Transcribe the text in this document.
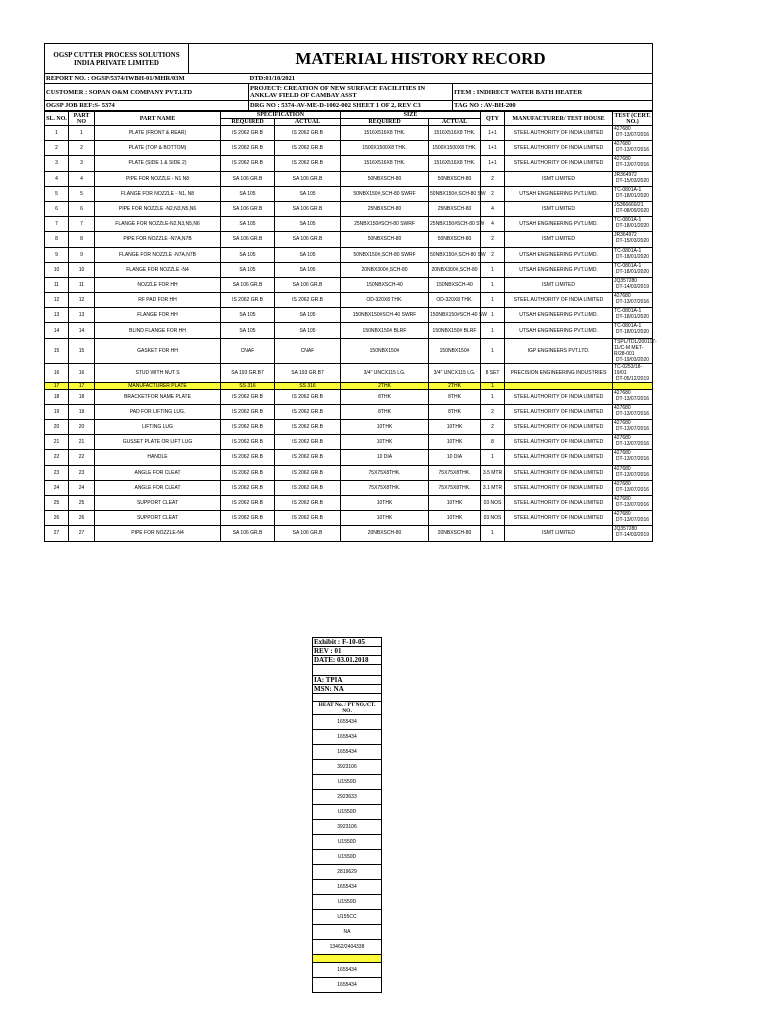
OGSP CUTTER PROCESS SOLUTIONS
INDIA PRIVATE LIMITED	MATERIAL HISTORY RECORD		
REPORT NO. : OGSP/5374/IWBH-01/MHR/03M		DTD:01/10/2021	
CUSTOMER : SOPAN O&M COMPANY PVT.LTD		PROJECT: CREATION OF NEW SURFACE FACILITIES IN ANKLAV FIELD OF CAMBAY ASST	ITEM : INDIRECT WATER BATH HEATER
OGSP JOB REF:S- 5374		DRG NO : 5374-AV-ME-D-1002-002 SHEET 1 OF 2, REV C3	TAG NO : AV-BH-200
SL. NO.	PART NO	PART NAME	SPECIFICATION		SIZE		QTY	MANUFACTURER/ TEST HOUSE	TEST (CERT. NO.)
			REQUIRED	ACTUAL	REQUIRED	ACTUAL			
1	1	PLATE (FRONT & REAR)	IS 2062 GR.B	IS 2062 GR.B	1516X516X8 THK.	1516X516X8 THK.	1+1	STEEL AUTHORITY OF INDIA LIMITED	427680
DT-13/07/2016

2	2	PLATE (TOP & BOTTOM)	IS 2062 GR.B	IS 2062 GR.B	1500X1500X8 THK.	1500X1500X8 THK.	1+1	STEEL AUTHORITY OF INDIA LIMITED	427680
DT-13/07/2016

3	3	PLATE (SIDE 1 & SIDE 2)	IS 2062 GR.B	IS 2062 GR.B	1516X516X8 THK.	1516X516X8 THK.	1+1	STEEL AUTHORITY OF INDIA LIMITED	427680
DT-13/07/2016

4	4	PIPE FOR NOZZLE - N1 N8	SA 106 GR.B	SA 106 GR.B	50NBXSCH-80	50NBXSCH-80	2	ISMT LIMITED	JR364972
DT-15/03/2020

5	5	FLANGE FOR NOZZLE - N1, N8	SA 105	SA 105	50NBX150#,SCH-80 SWRF	50NBX150#,SCH-80 SW	2	UTSAH ENGINEERING PVT.LIMD.	TC-0801A-1
DT-18/01/2020

6	6	PIPE FOR NOZZLE -N2,N3,N5,N6	SA 106 GR.B	SA 106 GR.B	25NBXSCH-80	25NBXSCH-80	4	ISMT LIMITED	JS366660/21
DT-08/09/2020

7	7	FLANGE FOR NOZZLE-N2,N3,N5,N6	SA 105	SA 105	25NBX150#SCH-80 SWRF	25NBX150#SCH-80 SW	4	UTSAH ENGINEERING PVT.LIMD.	TC-0801A-1
DT-18/01/2020

8	8	PIPE FOR NOZZLE -N7A,N7B	SA 106 GR.B	SA 106 GR.B	50NBXSCH-80	50NBXSCH-80	2	ISMT LIMITED	JR364972
DT-15/03/2020

9	9	FLANGE FOR NOZZLE -N7A,N7B	SA 105	SA 105	50NBX150#,SCH-80 SWRF	50NBX150#,SCH-80 SW	2	UTSAH ENGINEERING PVT.LIMD.	TC-0801A-1
DT-18/01/2020

10	10	FLANGE FOR NOZZLE -N4	SA 105	SA 105	20NBX300#,SCH-80	20NBX300#,SCH-80	1	UTSAH ENGINEERING PVT.LIMD.	TC-0801A-1
DT-18/01/2020

11	11	NOZZLE FOR HH	SA 106 GR.B	SA 106 GR.B	150NBXSCH-40	150NBXSCH-40	1	ISMT LIMITED	JQ357280
DT-14/03/2019

12	12	RF PAD FOR HH	IS 2062 GR.B	IS 2062 GR.B	OD-320X8 THK.	OD-320X8 THK.	1	STEEL AUTHORITY OF INDIA LIMITED	427680
DT-13/07/2016

13	13	FLANGE FOR HH	SA 105	SA 105	150NBX150#SCH-40 SWRF	150NBX150#SCH-40 SW	1	UTSAH ENGINEERING PVT.LIMD.	TC-0801A-1
DT-18/01/2020

14	14	BLIND FLANGE FOR HH	SA 105	SA 105	150NBX150# BLRF	150NBX150# BLRF	1	UTSAH ENGINEERING PVT.LIMD.	TC-0801A-1
DT-18/01/2020

15	15	GASKET FOR HH	CNAF	CNAF	150NBX150#	150NBX150#	1	IGP ENGINEERS PVT.LTD.	TSPL/TDL/200117-11/C-M MET-R/28-001
DT-19/03/2020

16	16	STUD WITH NUT S	SA 193 GR.B7	SA 193 GR.B7	3/4" UNCX115 LG.	3/4" UNCX115 LG.	8 SET	PRECISION ENGINEERING INDUSTRIES	TC-0253/18-19/01
DT-05/12/2019

17	17	MANUFACTURER PLATE	SS 316	SS 316	2THK	2THK	1		

18	18	BRACKETFOR NAME PLATE	IS 2062 GR.B	IS 2062 GR.B	8THK	8THK	1	STEEL AUTHORITY OF INDIA LIMITED	427680
DT-13/07/2016

19	19	PAD FOR LIFTING LUG.	IS 2062 GR.B	IS 2062 GR.B	8THK	8THK	2	STEEL AUTHORITY OF INDIA LIMITED	427680
DT-13/07/2016

20	20	LIFTING LUG	IS 2062 GR.B	IS 2062 GR.B	10THK	10THK	2	STEEL AUTHORITY OF INDIA LIMITED	427680
DT-13/07/2016

21	21	GUSSET PLATE OR LIFT LUG	IS 2062 GR.B	IS 2062 GR.B	10THK	10THK	8	STEEL AUTHORITY OF INDIA LIMITED	427680
DT-13/07/2016

22	22	HANDLE	IS 2062 GR.B	IS 2062 GR.B	10 DIA	10 DIA	1	STEEL AUTHORITY OF INDIA LIMITED	427680
DT-13/07/2016

23	23	ANGLE FOR CLEAT	IS 2062 GR.B	IS 2062 GR.B	75X75X8THK.	75X75X8THK.	3.5 MTR	STEEL AUTHORITY OF INDIA LIMITED	427680
DT-13/07/2016

24	24	ANGLE FOR CLEAT	IS 2062 GR.B	IS 2062 GR.B	75X75X8THK.	75X75X8THK.	3.1 MTR	STEEL AUTHORITY OF INDIA LIMITED	427680
DT-13/07/2016

25	25	SUPPORT CLEAT	IS 2062 GR.B	IS 2062 GR.B	10THK	10THK	03 NOS	STEEL AUTHORITY OF INDIA LIMITED	427680
DT-13/07/2016

26	26	SUPPORT CLEAT	IS 2062 GR.B	IS 2062 GR.B	10THK	10THK	03 NOS	STEEL AUTHORITY OF INDIA LIMITED	427680
DT-13/07/2016

27	27	PIPE FOR NOZZLE-N4	SA 106 GR.B	SA 106 GR.B	20NBXSCH-80	20NBXSCH-80	1	ISMT LIMITED	JQ357280
DT-14/03/2019
Exhibit : F-10-05
REV : 01
DATE: 03.01.2018

IA: TPIA
MSN: NA

HEAT No. / PT NO./CT. NO.
1655434
1655434
1655434
3923106
U1550D
2923633
U1550D
3923106
U1550D
U1550D
2819629
1655434
U1550D
U155CC
NA
13462/2404338

1655434
1655434
